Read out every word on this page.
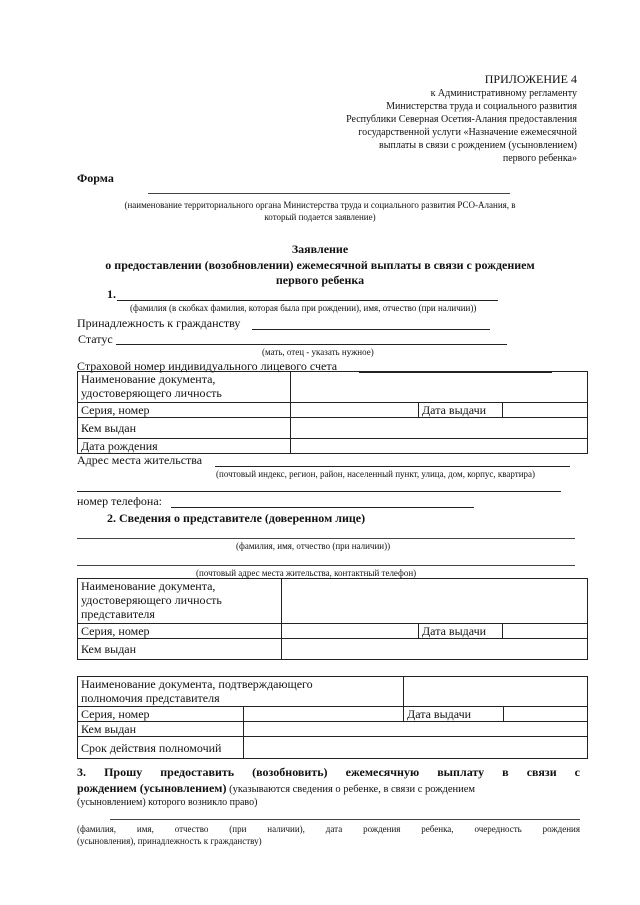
ПРИЛОЖЕНИЕ 4
к Административному регламенту
Министерства труда и социального развития
Республики Северная Осетия-Алания предоставления
государственной услуги «Назначение ежемесячной
выплаты в связи с рождением (усыновлением)
первого ребенка»
Форма
(наименование территориального органа Министерства труда и социального развития РСО-Алания, в
который подается заявление)
Заявление
о предоставлении (возобновлении) ежемесячной выплаты в связи с рождением
первого ребенка
1.
(фамилия (в скобках фамилия, которая была при рождении), имя, отчество (при наличии))
Принадлежность к гражданству
Статус
(мать, отец - указать нужное)
Страховой номер индивидуального лицевого счета
Наименование документа,
удостоверяющего личность			

Серия, номер		Дата выдачи	
Кем выдан			
Дата рождения			
Адрес места жительства
(почтовый индекс, регион, район, населенный пункт, улица, дом, корпус, квартира)
номер телефона:
2. Сведения о представителе (доверенном лице)
(фамилия, имя, отчество (при наличии))
(почтовый адрес места жительства, контактный телефон)
Наименование документа,
удостоверяющего личность
представителя			

Серия, номер		Дата выдачи	
Кем выдан			
Наименование документа, подтверждающего
полномочия представителя			

Серия, номер		Дата выдачи	
Кем выдан			
Срок действия полномочий			
3. Прошу предоставить (возобновить) ежемесячную выплату в связи с
рождением (усыновлением) (указываются сведения о ребенке, в связи с рождением
(усыновлением) которого возникло право)
(фамилия, имя, отчество (при наличии), дата рождения ребенка, очередность рождения
(усыновления), принадлежность к гражданству)
